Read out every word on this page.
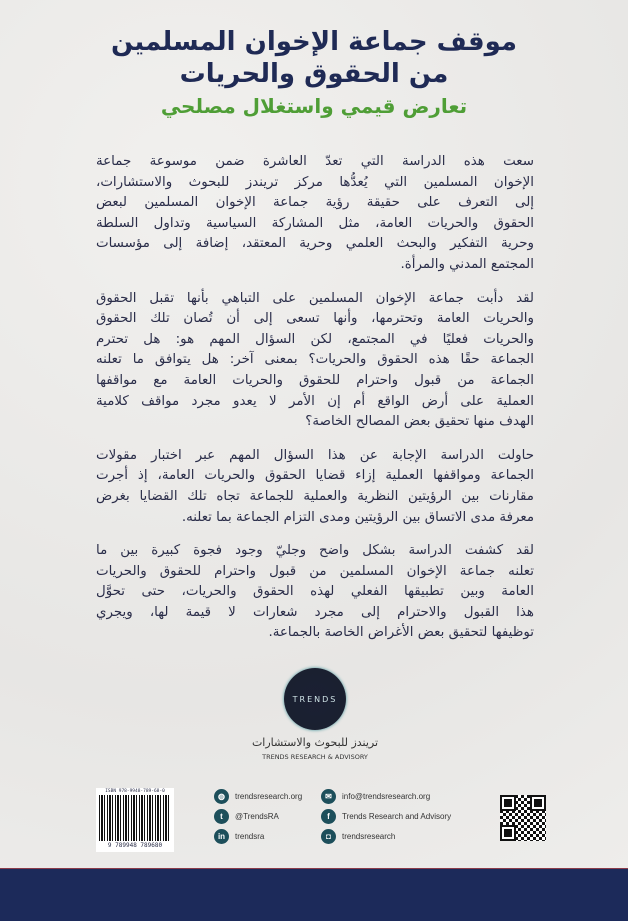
موقف جماعة الإخوان المسلمين
من الحقوق والحريات
تعارض قيمي واستغلال مصلحي
سعت هذه الدراسة التي تعدّ العاشرة ضمن موسوعة جماعة
الإخوان المسلمين التي يُعدُّها مركز تريندز للبحوث والاستشارات،
إلى التعرف على حقيقة رؤية جماعة الإخوان المسلمين لبعض
الحقوق والحريات العامة، مثل المشاركة السياسية وتداول السلطة
وحرية التفكير والبحث العلمي وحرية المعتقد، إضافة إلى مؤسسات
المجتمع المدني والمرأة.
لقد دأبت جماعة الإخوان المسلمين على التباهي بأنها تقبل الحقوق
والحريات العامة وتحترمها، وأنها تسعى إلى أن تُصان تلك الحقوق
والحريات فعليًا في المجتمع، لكن السؤال المهم هو: هل تحترم
الجماعة حقًا هذه الحقوق والحريات؟ بمعنى آخر: هل يتوافق ما تعلنه
الجماعة من قبول واحترام للحقوق والحريات العامة مع مواقفها
العملية على أرض الواقع أم إن الأمر لا يعدو مجرد مواقف كلامية
الهدف منها تحقيق بعض المصالح الخاصة؟
حاولت الدراسة الإجابة عن هذا السؤال المهم عبر اختبار مقولات
الجماعة ومواقفها العملية إزاء قضايا الحقوق والحريات العامة، إذ أجرت
مقارنات بين الرؤيتين النظرية والعملية للجماعة تجاه تلك القضايا بغرض
معرفة مدى الاتساق بين الرؤيتين ومدى التزام الجماعة بما تعلنه.
لقد كشفت الدراسة بشكل واضح وجليّ وجود فجوة كبيرة بين ما
تعلنه جماعة الإخوان المسلمين من قبول واحترام للحقوق والحريات
العامة وبين تطبيقها الفعلي لهذه الحقوق والحريات، حتى تحوَّل
هذا القبول والاحترام إلى مجرد شعارات لا قيمة لها، ويجري
توظيفها لتحقيق بعض الأغراض الخاصة بالجماعة.
TRENDS
تريندز للبحوث والاستشارات
TRENDS RESEARCH & ADVISORY
ISBN 978-9948-789-68-0
9 789948 789680
◍	trendsresearch.org
t	@TrendsRA
in	trendsra
✉	info@trendsresearch.org
f	Trends Research and Advisory
◘	trendsresearch
